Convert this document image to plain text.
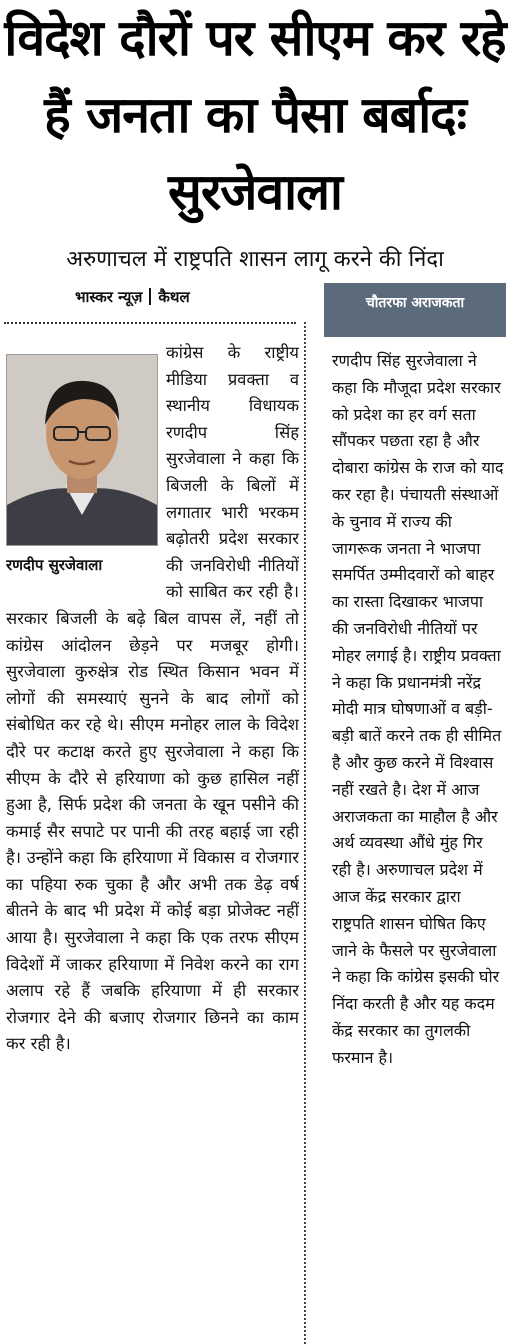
विदेश दौरों पर सीएम कर रहे हैं जनता का पैसा बर्बादः सुरजेवाला
अरुणाचल में राष्ट्रपति शासन लागू करने की निंदा
भास्कर न्यूज़ कैथल	चौतरफा अराजकता
रणदीप सुरजेवाला

कांग्रेस के राष्ट्रीय मीडिया प्रवक्ता व स्थानीय विधायक रणदीप सिंह सुरजेवाला ने कहा कि बिजली के बिलों में लगातार भारी भरकम बढ़ोतरी प्रदेश सरकार की जनविरोधी नीतियों को साबित कर रही है। सरकार बिजली के बढ़े बिल वापस लें, नहीं तो कांग्रेस आंदोलन छेड़ने पर मजबूर होगी। सुरजेवाला कुरुक्षेत्र रोड स्थित किसान भवन में लोगों की समस्याएं सुनने के बाद लोगों को संबोधित कर रहे थे। सीएम मनोहर लाल के विदेश दौरे पर कटाक्ष करते हुए सुरजेवाला ने कहा कि सीएम के दौरे से हरियाणा को कुछ हासिल नहीं हुआ है, सिर्फ प्रदेश की जनता के खून पसीने की कमाई सैर सपाटे पर पानी की तरह बहाई जा रही है। उन्होंने कहा कि हरियाणा में विकास व रोजगार का पहिया रुक चुका है और अभी तक डेढ़ वर्ष बीतने के बाद भी प्रदेश में कोई बड़ा प्रोजेक्ट नहीं आया है। सुरजेवाला ने कहा कि एक तरफ सीएम विदेशों में जाकर हरियाणा में निवेश करने का राग अलाप रहे हैं जबकि हरियाणा में ही सरकार रोजगार देने की बजाए रोजगार छिनने का काम कर रही है।

रणदीप सिंह सुरजेवाला ने कहा कि मौजूदा प्रदेश सरकार को प्रदेश का हर वर्ग सता सौंपकर पछता रहा है और दोबारा कांग्रेस के राज को याद कर रहा है। पंचायती संस्थाओं के चुनाव में राज्य की जागरूक जनता ने भाजपा समर्पित उम्मीदवारों को बाहर का रास्ता दिखाकर भाजपा की जनविरोधी नीतियों पर मोहर लगाई है। राष्ट्रीय प्रवक्ता ने कहा कि प्रधानमंत्री नरेंद्र मोदी मात्र घोषणाओं व बड़ी-बड़ी बातें करने तक ही सीमित है और कुछ करने में विश्वास नहीं रखते है। देश में आज अराजकता का माहौल है और अर्थ व्यवस्था औंधे मुंह गिर रही है। अरुणाचल प्रदेश में आज केंद्र सरकार द्वारा राष्ट्रपति शासन घोषित किए जाने के फैसले पर सुरजेवाला ने कहा कि कांग्रेस इसकी घोर निंदा करती है और यह कदम केंद्र सरकार का तुगलकी फरमान है।
